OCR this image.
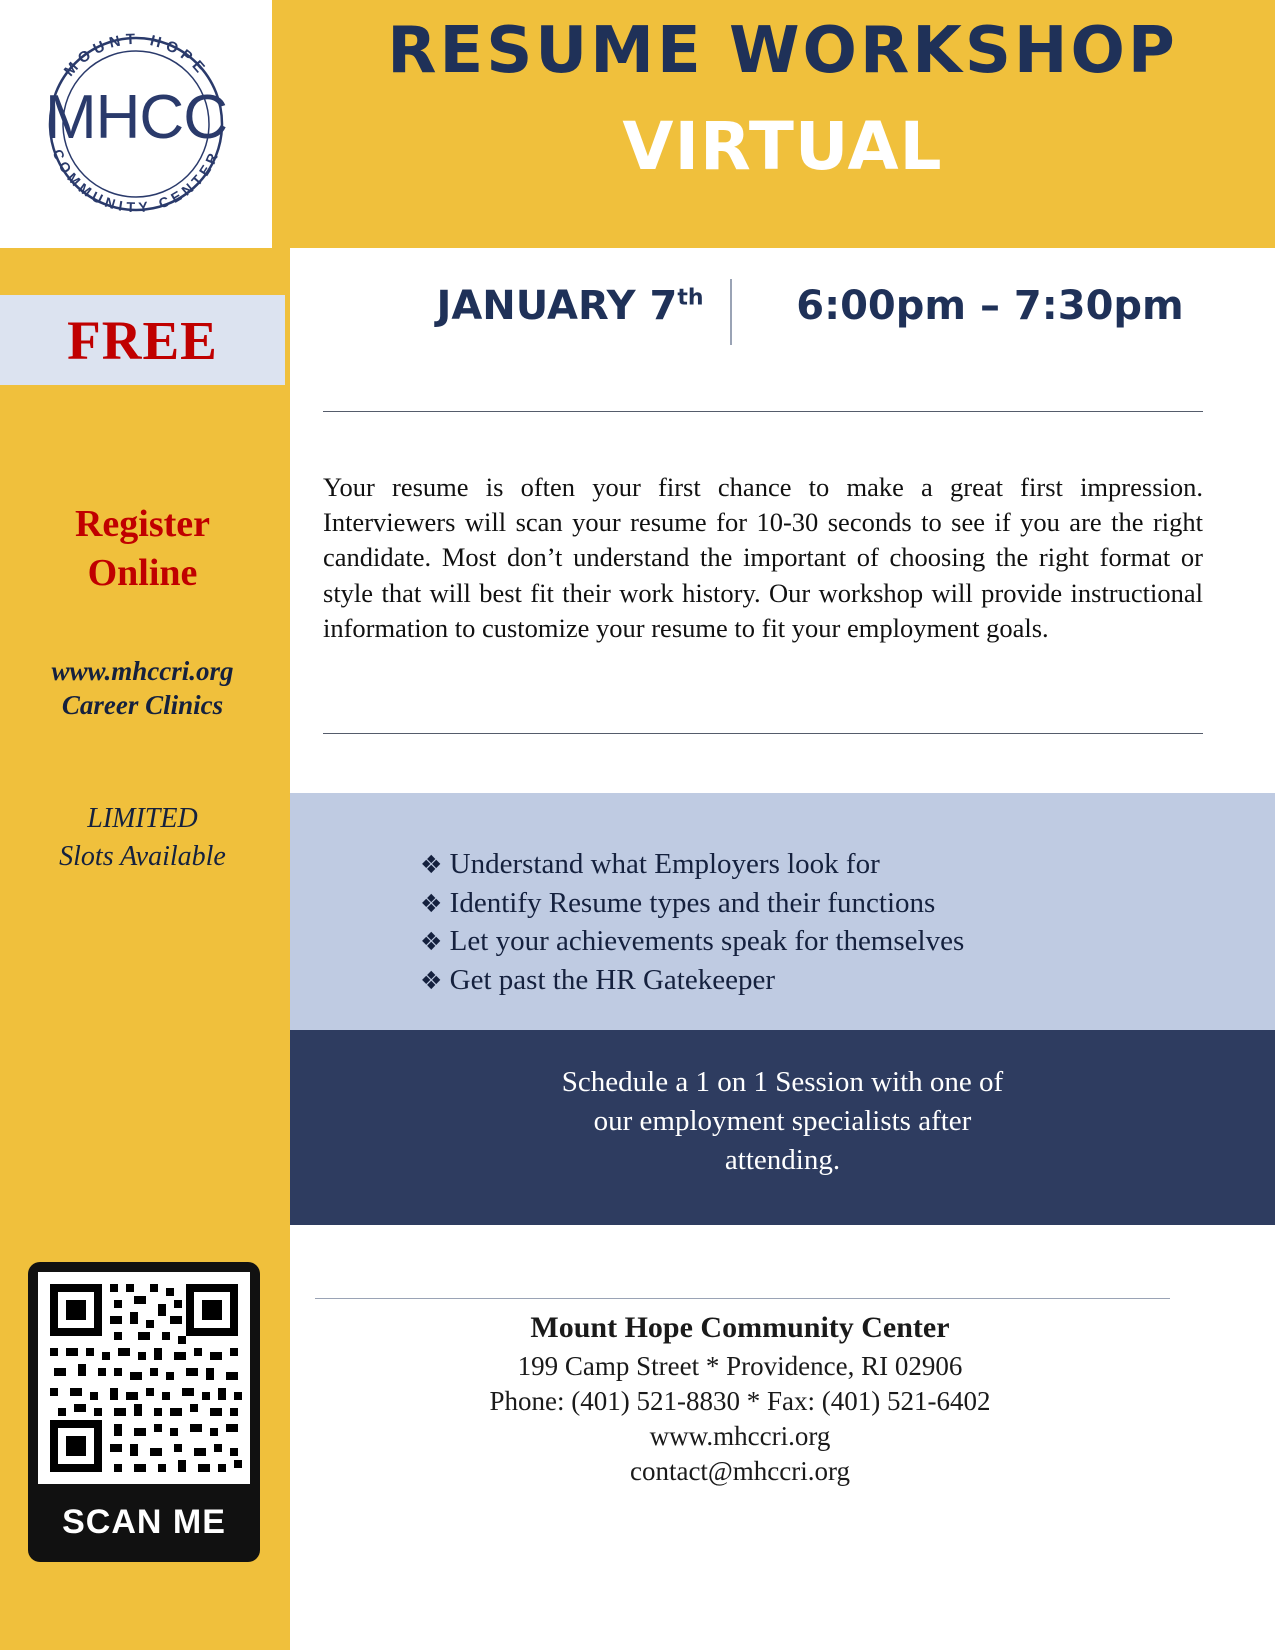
MOUNT HOPE
COMMUNITY CENTER
MHCC
FREE
Register
Online
www.mhccri.org
Career Clinics
LIMITED
Slots Available
SCAN ME
RESUME WORKSHOP
VIRTUAL
JANUARY 7th	6:00pm – 7:30pm
Your resume is often your first chance to make a great first impression. Interviewers will scan your resume for 10-30 seconds to see if you are the right candidate. Most don’t understand the important of choosing the right format or style that will best fit their work history. Our workshop will provide instructional information to customize your resume to fit your employment goals.
❖ Understand what Employers look for
❖ Identify Resume types and their functions
❖ Let your achievements speak for themselves
❖ Get past the HR Gatekeeper
Schedule a 1 on 1 Session with one of
our employment specialists after
attending.
Mount Hope Community Center
199 Camp Street * Providence, RI 02906
Phone: (401) 521-8830 * Fax: (401) 521-6402
www.mhccri.org
contact@mhccri.org
